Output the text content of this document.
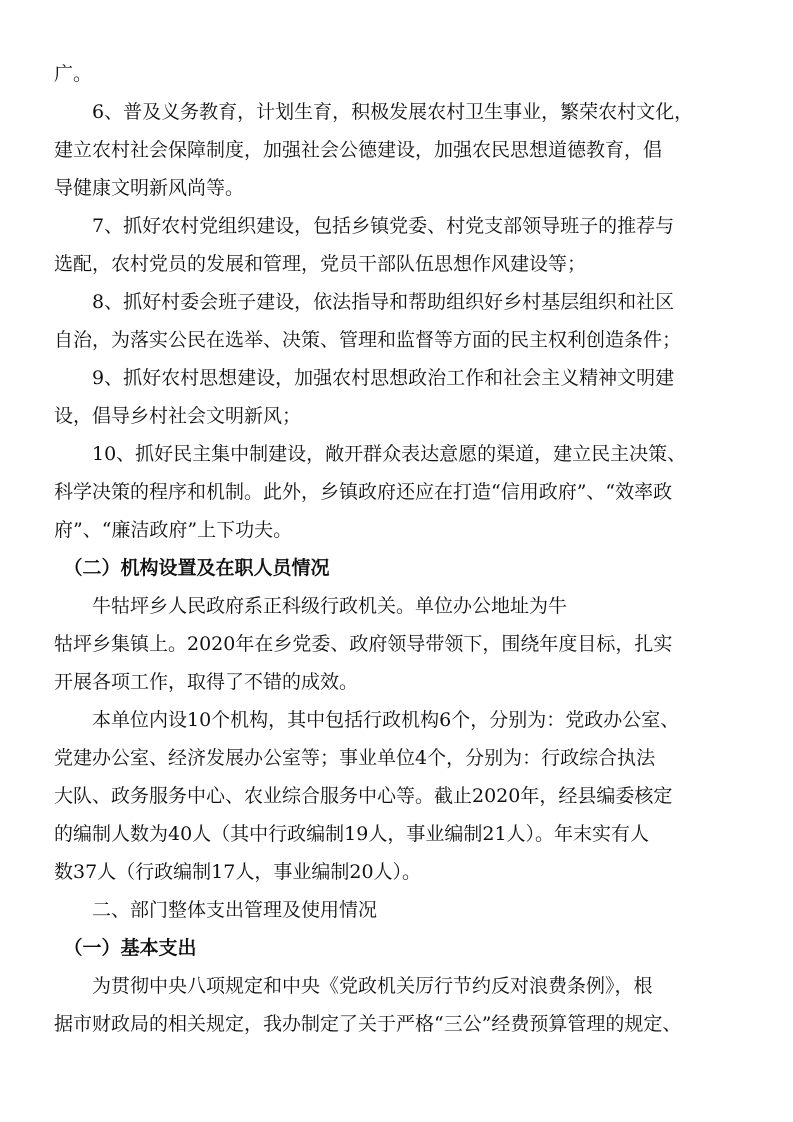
广。
　　6、普及义务教育，计划生育，积极发展农村卫生事业，繁荣农村文化，
建立农村社会保障制度，加强社会公德建设，加强农民思想道德教育，倡
导健康文明新风尚等。
　　7、抓好农村党组织建设，包括乡镇党委、村党支部领导班子的推荐与
选配，农村党员的发展和管理，党员干部队伍思想作风建设等；
　　8、抓好村委会班子建设，依法指导和帮助组织好乡村基层组织和社区
自治，为落实公民在选举、决策、管理和监督等方面的民主权利创造条件；
　　9、抓好农村思想建设，加强农村思想政治工作和社会主义精神文明建
设，倡导乡村社会文明新风；
　　10、抓好民主集中制建设，敞开群众表达意愿的渠道，建立民主决策、
科学决策的程序和机制。此外，乡镇政府还应在打造“信用政府”、“效率政
府”、“廉洁政府”上下功夫。
　（二）机构设置及在职人员情况
　　牛牯坪乡人民政府系正科级行政机关。单位办公地址为牛
牯坪乡集镇上。2020年在乡党委、政府领导带领下，围绕年度目标，扎实
开展各项工作，取得了不错的成效。
　　本单位内设10个机构，其中包括行政机构6个，分别为：党政办公室、
党建办公室、经济发展办公室等；事业单位4个，分别为：行政综合执法
大队、政务服务中心、农业综合服务中心等。截止2020年，经县编委核定
的编制人数为40人（其中行政编制19人，事业编制21人）。年末实有人
数37人（行政编制17人，事业编制20人）。
　　二、部门整体支出管理及使用情况
　（一）基本支出
　　为贯彻中央八项规定和中央《党政机关厉行节约反对浪费条例》，根
据市财政局的相关规定，我办制定了关于严格“三公”经费预算管理的规定、
